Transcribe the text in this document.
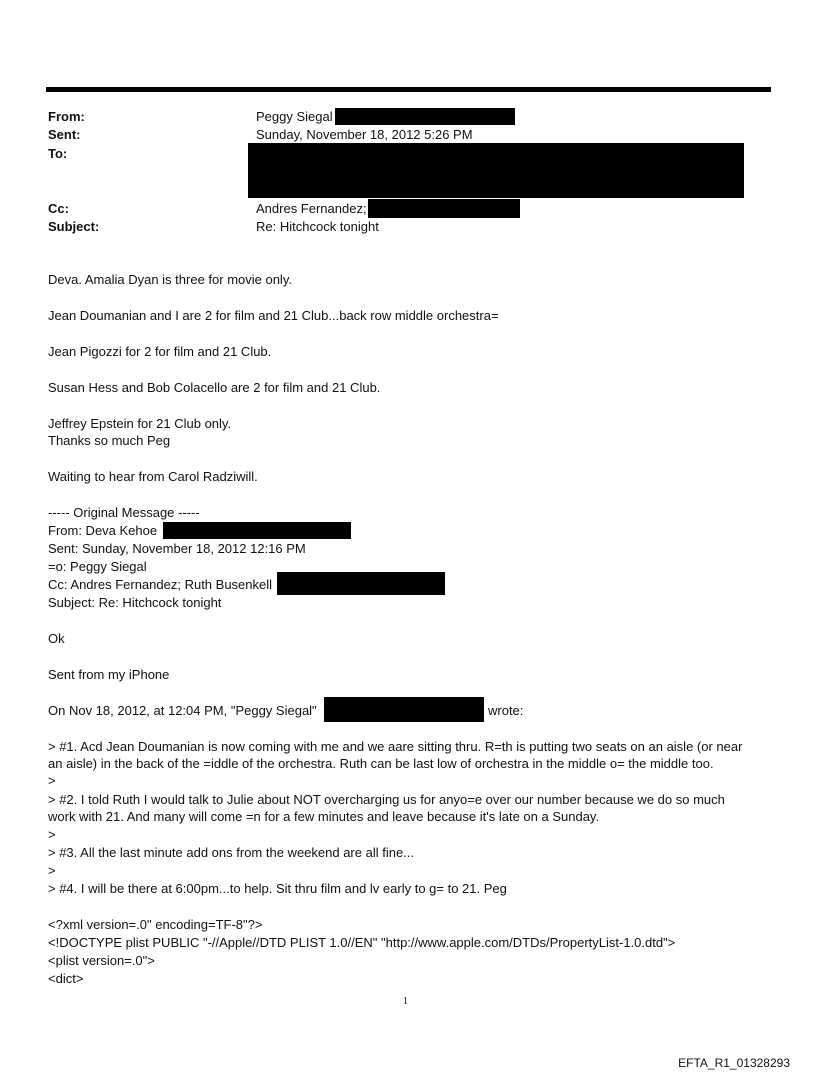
From:	Peggy Siegal
Sent:	Sunday, November 18, 2012 5:26 PM
To:
Cc:	Andres Fernandez;
Subject:	Re: Hitchcock tonight
Deva. Amalia Dyan is three for movie only.
Jean Doumanian and I are 2 for film and 21 Club...back row middle orchestra=
Jean Pigozzi for 2 for film and 21 Club.
Susan Hess and Bob Colacello are 2 for film and 21 Club.
Jeffrey Epstein for 21 Club only.
Thanks so much Peg
Waiting to hear from Carol Radziwill.
----- Original Message -----
From: Deva Kehoe
Sent: Sunday, November 18, 2012 12:16 PM
=o: Peggy Siegal
Cc: Andres Fernandez; Ruth Busenkell
Subject: Re: Hitchcock tonight
Ok
Sent from my iPhone
On Nov 18, 2012, at 12:04 PM, "Peggy Siegal"	wrote:
> #1. Acd Jean Doumanian is now coming with me and we aare sitting thru. R=th is putting two seats on an aisle (or near
an aisle) in the back of the =iddle of the orchestra. Ruth can be last low of orchestra in the middle o= the middle too.
>
> #2. I told Ruth I would talk to Julie about NOT overcharging us for anyo=e over our number because we do so much
work with 21. And many will come =n for a few minutes and leave because it's late on a Sunday.
>
> #3. All the last minute add ons from the weekend are all fine...
>
> #4. I will be there at 6:00pm...to help. Sit thru film and lv early to g= to 21. Peg
<?xml version=.0" encoding=TF-8"?>
<!DOCTYPE plist PUBLIC "-//Apple//DTD PLIST 1.0//EN" "http://www.apple.com/DTDs/PropertyList-1.0.dtd">
<plist version=.0">
<dict>
1
EFTA_R1_01328293
